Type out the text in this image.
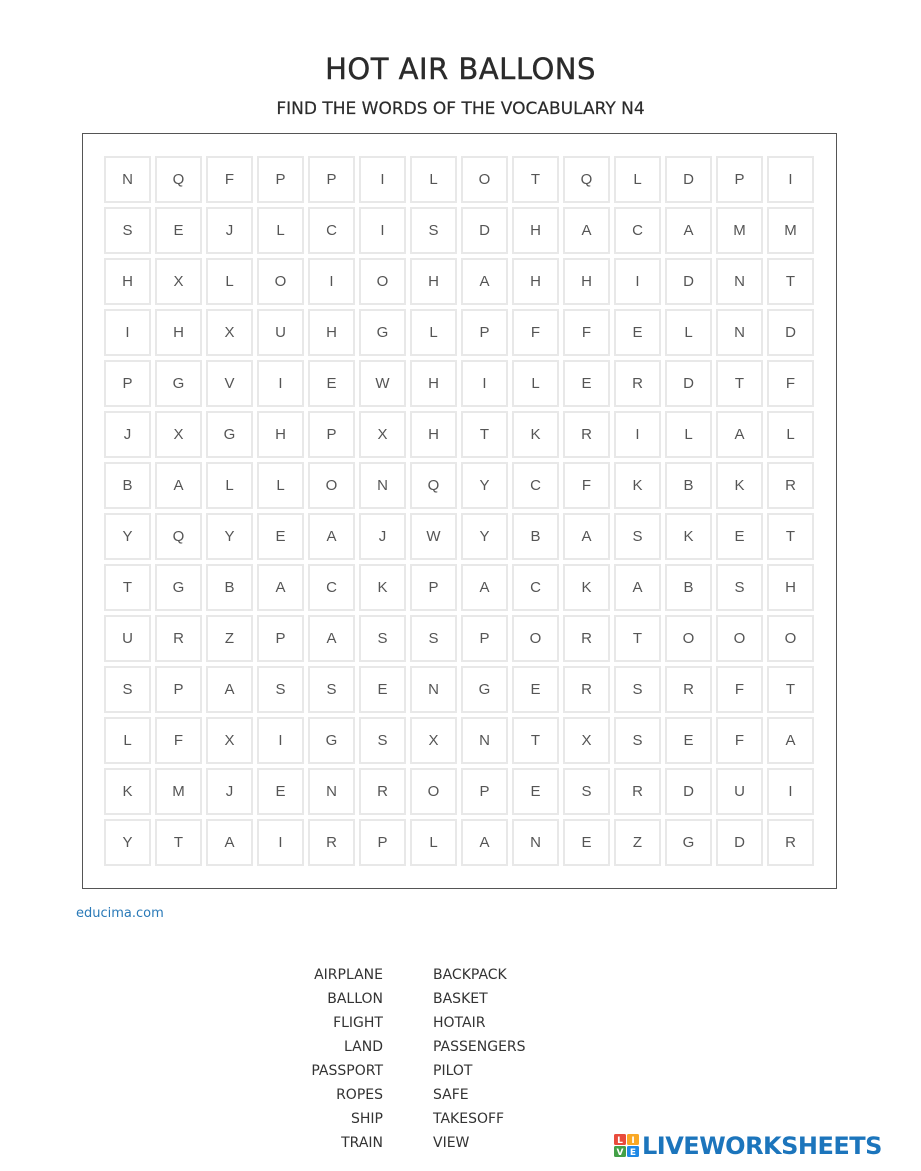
HOT AIR BALLONS
FIND THE WORDS OF THE VOCABULARY N4
N	Q	F	P	P	I	L	O	T	Q	L	D	P	I
S	E	J	L	C	I	S	D	H	A	C	A	M	M
H	X	L	O	I	O	H	A	H	H	I	D	N	T
I	H	X	U	H	G	L	P	F	F	E	L	N	D
P	G	V	I	E	W	H	I	L	E	R	D	T	F
J	X	G	H	P	X	H	T	K	R	I	L	A	L
B	A	L	L	O	N	Q	Y	C	F	K	B	K	R
Y	Q	Y	E	A	J	W	Y	B	A	S	K	E	T
T	G	B	A	C	K	P	A	C	K	A	B	S	H
U	R	Z	P	A	S	S	P	O	R	T	O	O	O
S	P	A	S	S	E	N	G	E	R	S	R	F	T
L	F	X	I	G	S	X	N	T	X	S	E	F	A
K	M	J	E	N	R	O	P	E	S	R	D	U	I
Y	T	A	I	R	P	L	A	N	E	Z	G	D	R
educima.com
AIRPLANE
BALLON
FLIGHT
LAND
PASSPORT
ROPES
SHIP
TRAIN
BACKPACK
BASKET
HOTAIR
PASSENGERS
PILOT
SAFE
TAKESOFF
VIEW	L I
V E LIVEWORKSHEETS
